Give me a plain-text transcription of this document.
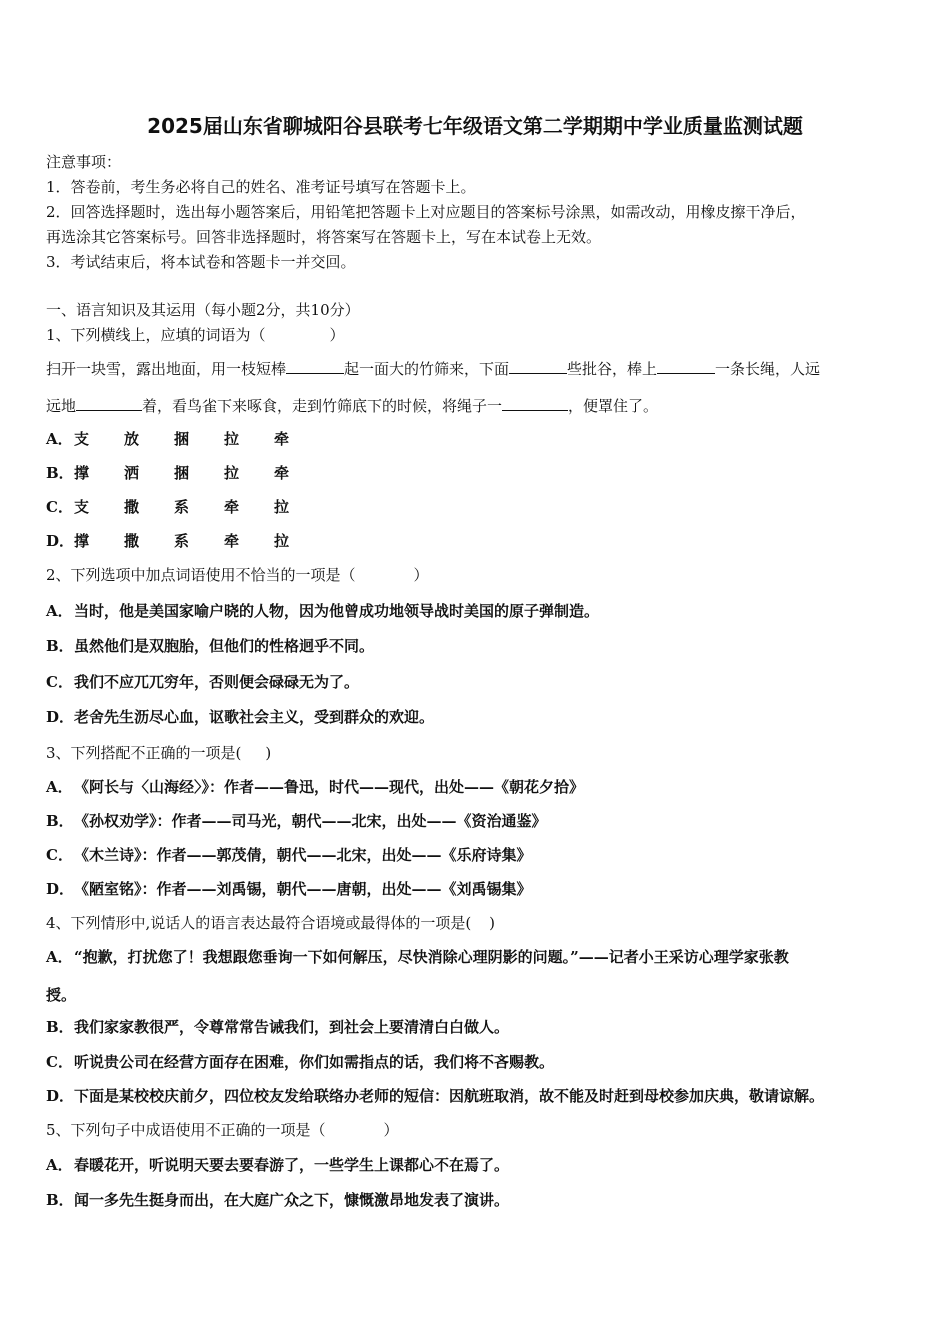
2025届山东省聊城阳谷县联考七年级语文第二学期期中学业质量监测试题
注意事项：
1．答卷前，考生务必将自己的姓名、准考证号填写在答题卡上。
2．回答选择题时，选出每小题答案后，用铅笔把答题卡上对应题目的答案标号涂黑，如需改动，用橡皮擦干净后，
再选涂其它答案标号。回答非选择题时，将答案写在答题卡上，写在本试卷上无效。
3．考试结束后，将本试卷和答题卡一并交回。
一、语言知识及其运用（每小题2分，共10分）
1、下列横线上，应填的词语为（	）
扫开一块雪，露出地面，用一枝短棒	起一面大的竹筛来，下面	些批谷，棒上	一条长绳，人远
远地	着，看鸟雀下来啄食，走到竹筛底下的时候，将绳子一	，便罩住了。
A．支 放 捆 拉 牵
B．撑 洒 捆 拉 牵
C．支 撒 系 牵 拉
D．撑 撒 系 牵 拉
2、下列选项中加点词语使用不恰当的一项是（	）
A．当时，他是美国家喻户晓的人物，因为他曾成功地领导战时美国的原子弹制造。
B．虽然他们是双胞胎，但他们的性格迥乎不同。
C．我们不应兀兀穷年，否则便会碌碌无为了。
D．老舍先生沥尽心血，讴歌社会主义，受到群众的欢迎。
3、下列搭配不正确的一项是( )
A．《阿长与〈山海经〉》：作者——鲁迅，时代——现代，出处——《朝花夕拾》
B．《孙权劝学》：作者——司马光，朝代——北宋，出处——《资治通鉴》
C．《木兰诗》：作者——郭茂倩，朝代——北宋，出处——《乐府诗集》
D．《陋室铭》：作者——刘禹锡，朝代——唐朝，出处——《刘禹锡集》
4、下列情形中,说话人的语言表达最符合语境或最得体的一项是( )
A．“抱歉，打扰您了！我想跟您垂询一下如何解压，尽快消除心理阴影的问题。”——记者小王采访心理学家张教
授。
B．我们家家教很严，令尊常常告诫我们，到社会上要清清白白做人。
C．听说贵公司在经营方面存在困难，你们如需指点的话，我们将不吝赐教。
D．下面是某校校庆前夕，四位校友发给联络办老师的短信：因航班取消，故不能及时赶到母校参加庆典，敬请谅解。
5、下列句子中成语使用不正确的一项是（	）
A．春暖花开，听说明天要去要春游了，一些学生上课都心不在焉了。
B．闻一多先生挺身而出，在大庭广众之下，慷慨激昂地发表了演讲。
